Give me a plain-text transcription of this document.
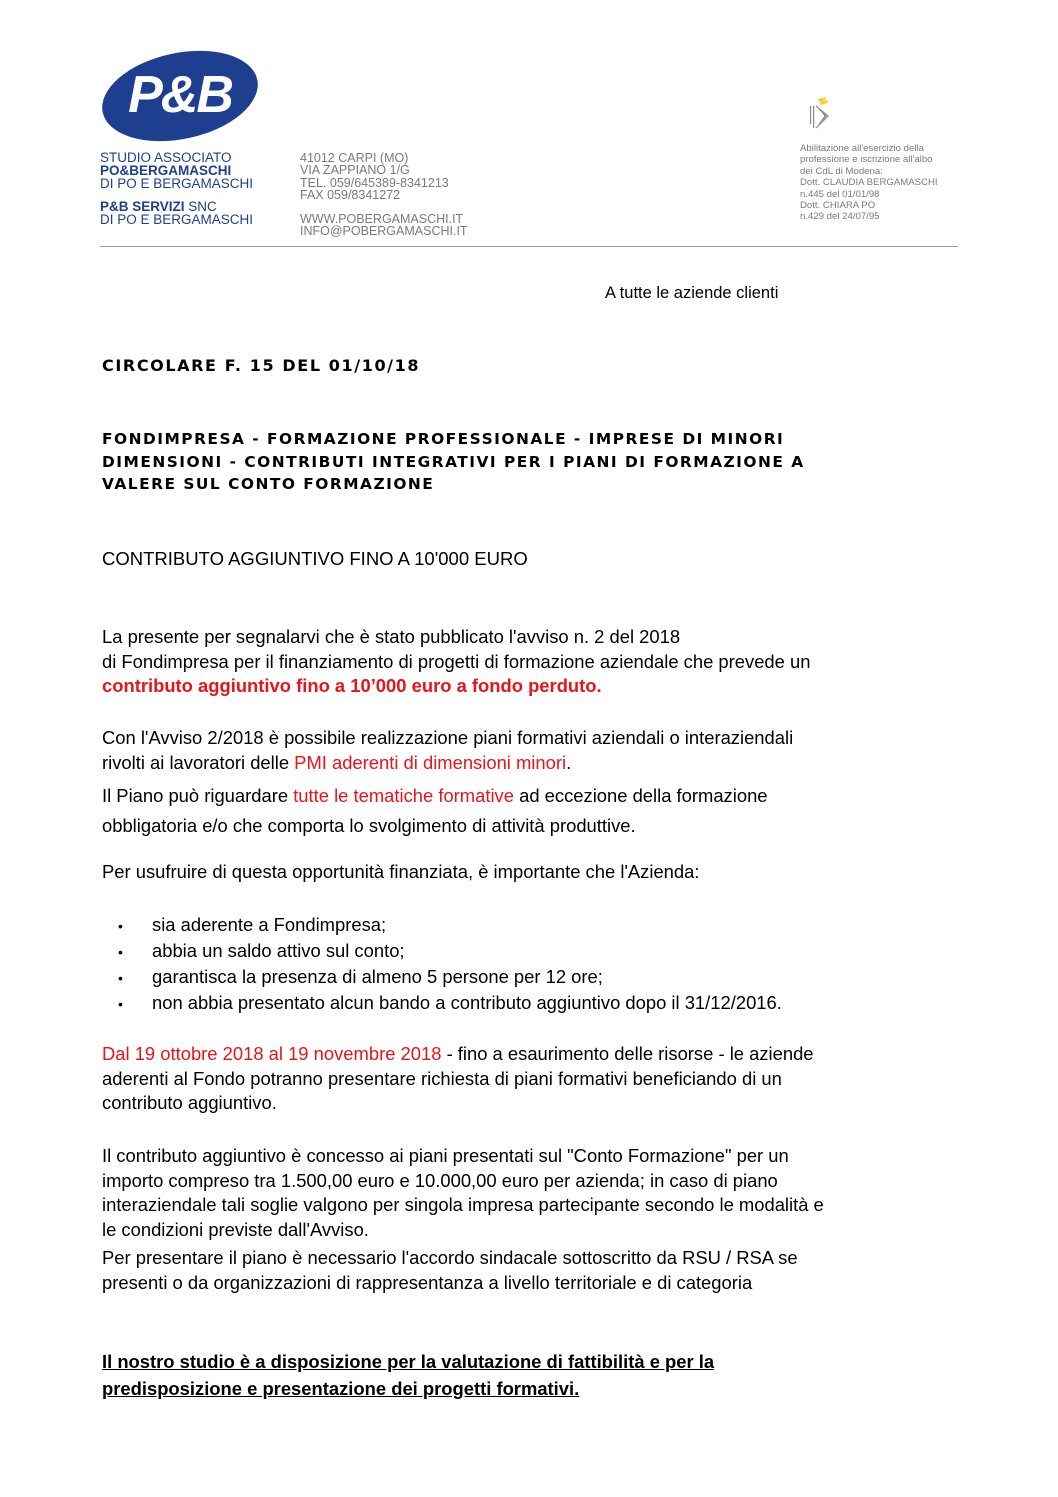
P&B
STUDIO ASSOCIATO
PO&BERGAMASCHI
DI PO E BERGAMASCHI
P&B SERVIZI SNC
DI PO E BERGAMASCHI
41012 CARPI (MO)
VIA ZAPPIANO 1/G
TEL. 059/645389-8341213
FAX 059/8341272
WWW.POBERGAMASCHI.IT
INFO@POBERGAMASCHI.IT
Abilitazione all'esercizio della
professione e iscrizione all'albo
dei CdL di Modena:
Dott. CLAUDIA BERGAMASCHI
n.445 del 01/01/98
Dott. CHIARA PO
n.429 del 24/07/95
A tutte le aziende clienti
CIRCOLARE F. 15 DEL 01/10/18
FONDIMPRESA - FORMAZIONE PROFESSIONALE - IMPRESE DI MINORI
DIMENSIONI - CONTRIBUTI INTEGRATIVI PER I PIANI DI FORMAZIONE A
VALERE SUL CONTO FORMAZIONE
CONTRIBUTO AGGIUNTIVO FINO A 10'000 EURO
La presente per segnalarvi che è stato pubblicato l'avviso n. 2 del 2018
di Fondimpresa per il finanziamento di progetti di formazione aziendale che prevede un
contributo aggiuntivo fino a 10’000 euro a fondo perduto.
Con l'Avviso 2/2018 è possibile realizzazione piani formativi aziendali o interaziendali
rivolti ai lavoratori delle PMI aderenti di dimensioni minori.
Il Piano può riguardare tutte le tematiche formative ad eccezione della formazione
obbligatoria e/o che comporta lo svolgimento di attività produttive.
Per usufruire di questa opportunità finanziata, è importante che l'Azienda:
• sia aderente a Fondimpresa;
• abbia un saldo attivo sul conto;
• garantisca la presenza di almeno 5 persone per 12 ore;
• non abbia presentato alcun bando a contributo aggiuntivo dopo il 31/12/2016.
Dal 19 ottobre 2018 al 19 novembre 2018 - fino a esaurimento delle risorse - le aziende
aderenti al Fondo potranno presentare richiesta di piani formativi beneficiando di un
contributo aggiuntivo.
Il contributo aggiuntivo è concesso ai piani presentati sul "Conto Formazione" per un
importo compreso tra 1.500,00 euro e 10.000,00 euro per azienda; in caso di piano
interaziendale tali soglie valgono per singola impresa partecipante secondo le modalità e
le condizioni previste dall'Avviso.
Per presentare il piano è necessario l'accordo sindacale sottoscritto da RSU / RSA se
presenti o da organizzazioni di rappresentanza a livello territoriale e di categoria
Il nostro studio è a disposizione per la valutazione di fattibilità e per la
predisposizione e presentazione dei progetti formativi.
